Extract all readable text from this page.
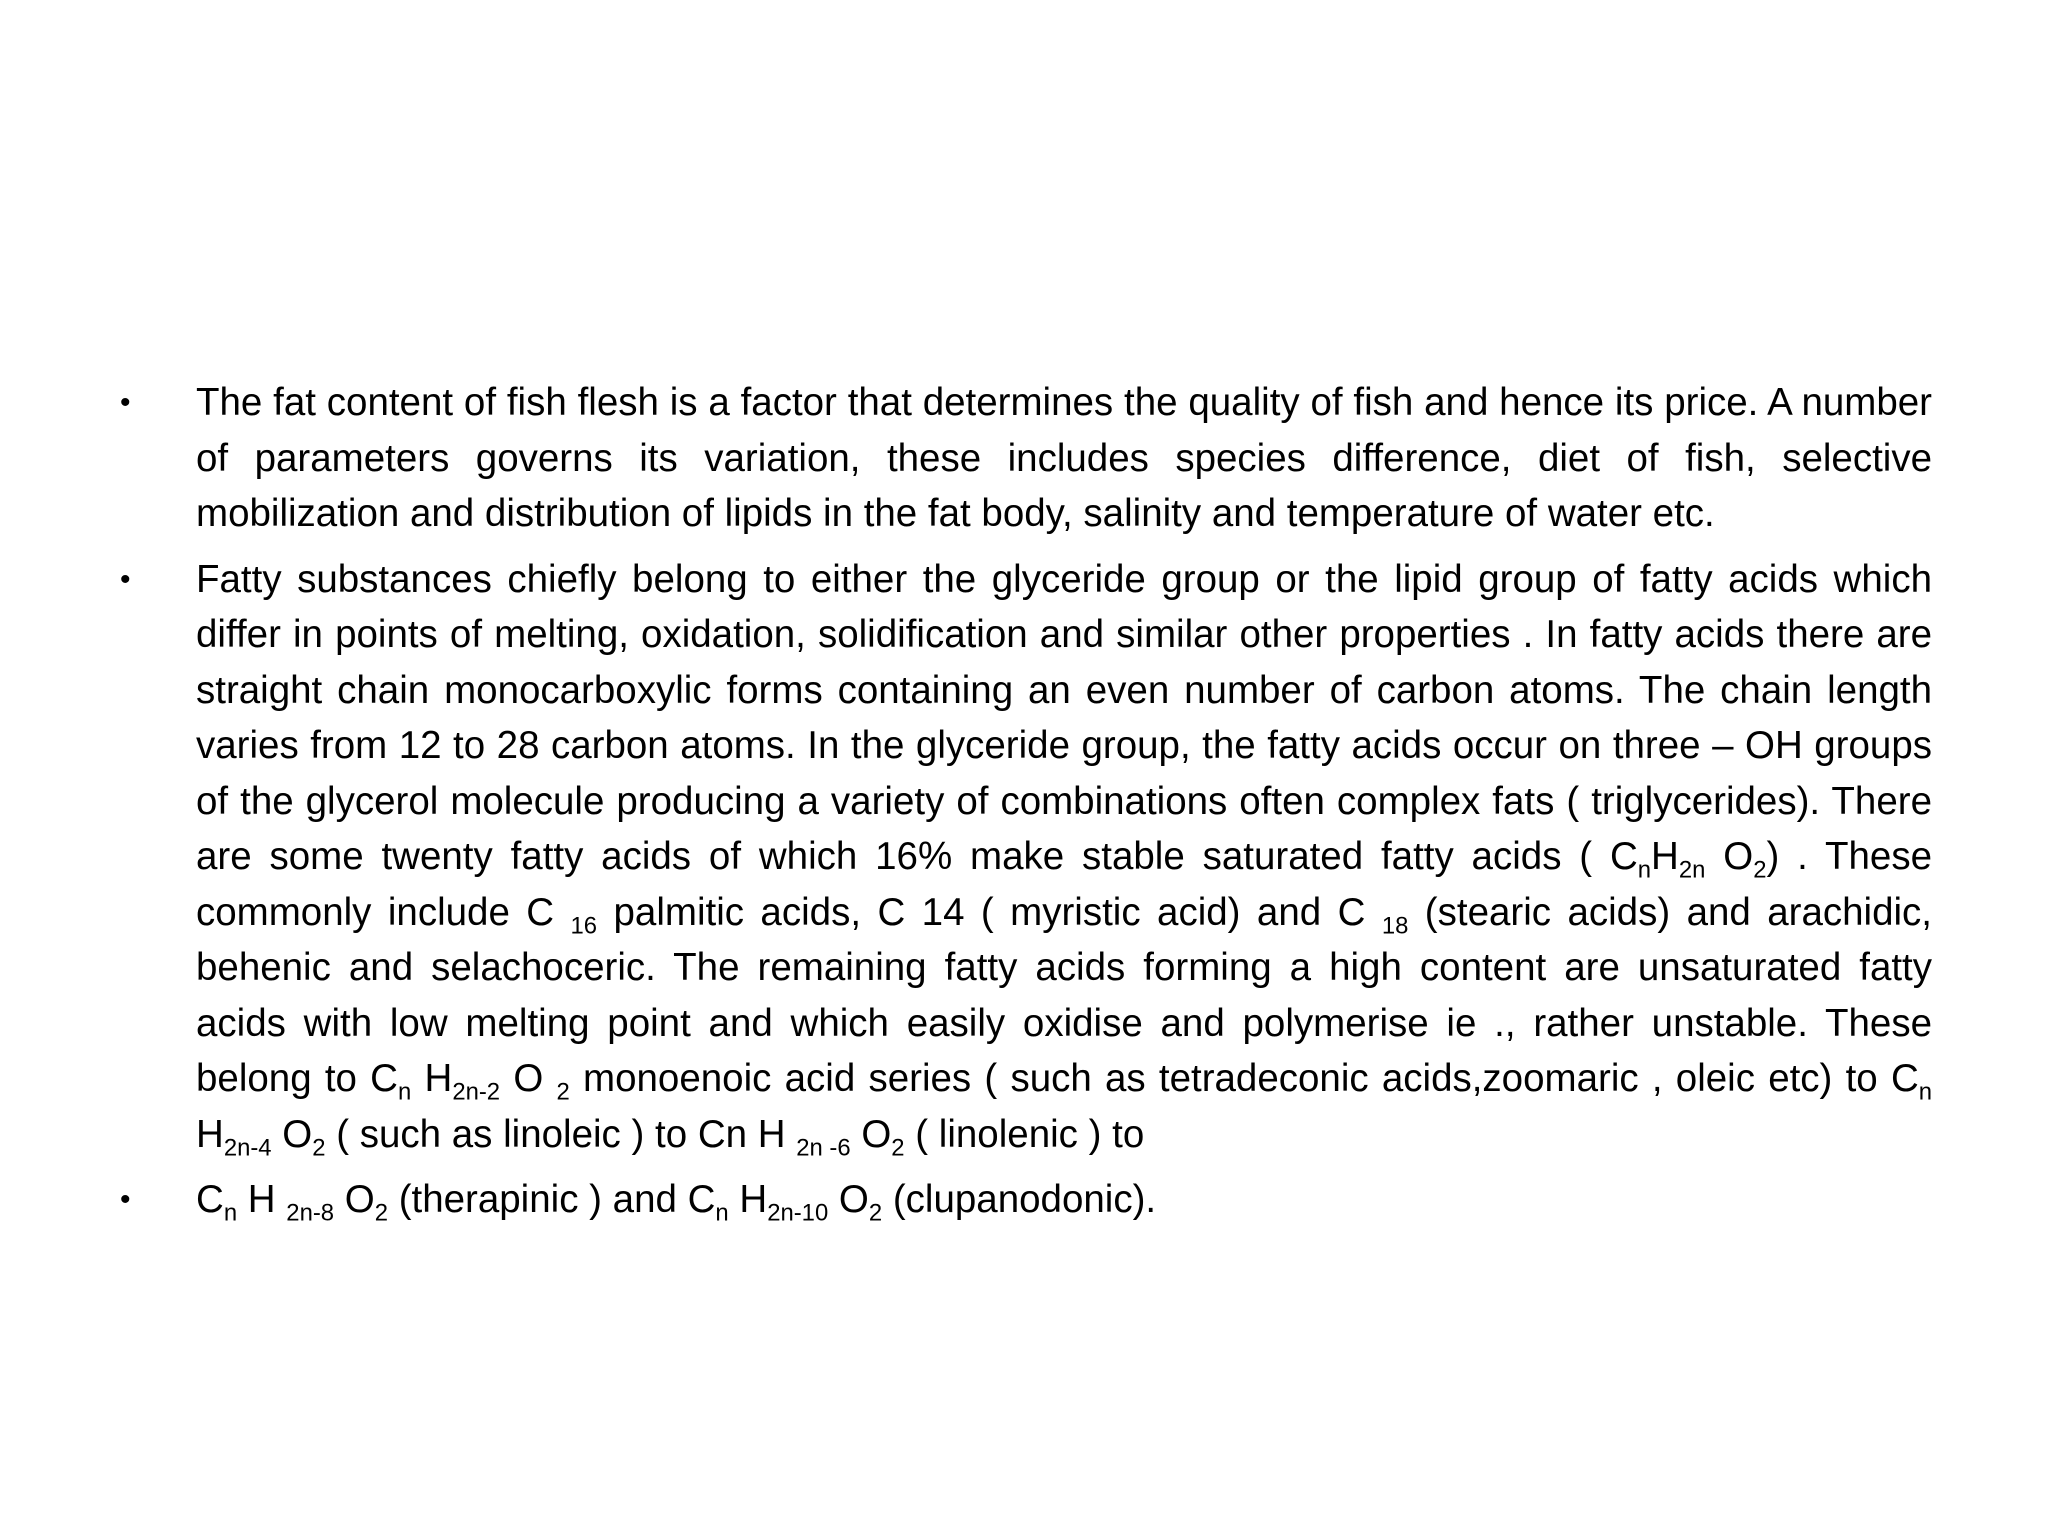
•	The fat content of fish flesh is a factor that determines the quality of fish and hence its price. A number of parameters governs its variation, these includes species difference, diet of fish, selective mobilization and distribution of lipids in the fat body, salinity and temperature of water etc.
•	Fatty substances chiefly belong to either the glyceride group or the lipid group of fatty acids which differ in points of melting, oxidation, solidification and similar other properties . In fatty acids there are straight chain monocarboxylic forms containing an even number of carbon atoms. The chain length varies from 12 to 28 carbon atoms. In the glyceride group, the fatty acids occur on three – OH groups of the glycerol molecule producing a variety of combinations often complex fats ( triglycerides). There are some twenty fatty acids of which 16% make stable saturated fatty acids ( $C_nH_{2n}$ $O_2$) . These commonly include C $_{16}$ palmitic acids, C 14 ( myristic acid) and C $_{18}$ (stearic acids) and arachidic, behenic and selachoceric. The remaining fatty acids forming a high content are unsaturated fatty acids with low melting point and which easily oxidise and polymerise ie ., rather unstable. These belong to $C_n$ $H_{2n-2}$ O $_2$ monoenoic acid series ( such as tetradeconic acids,zoomaric , oleic etc) to $C_n$ $H_{2n-4}$ $O_2$ ( such as linoleic ) to Cn H $_{2n -6}$ $O_2$ ( linolenic ) to
•	$C_n$ H $_{2n-8}$ $O_2$ (therapinic ) and $C_n$ $H_{2n-10}$ $O_2$ (clupanodonic).
